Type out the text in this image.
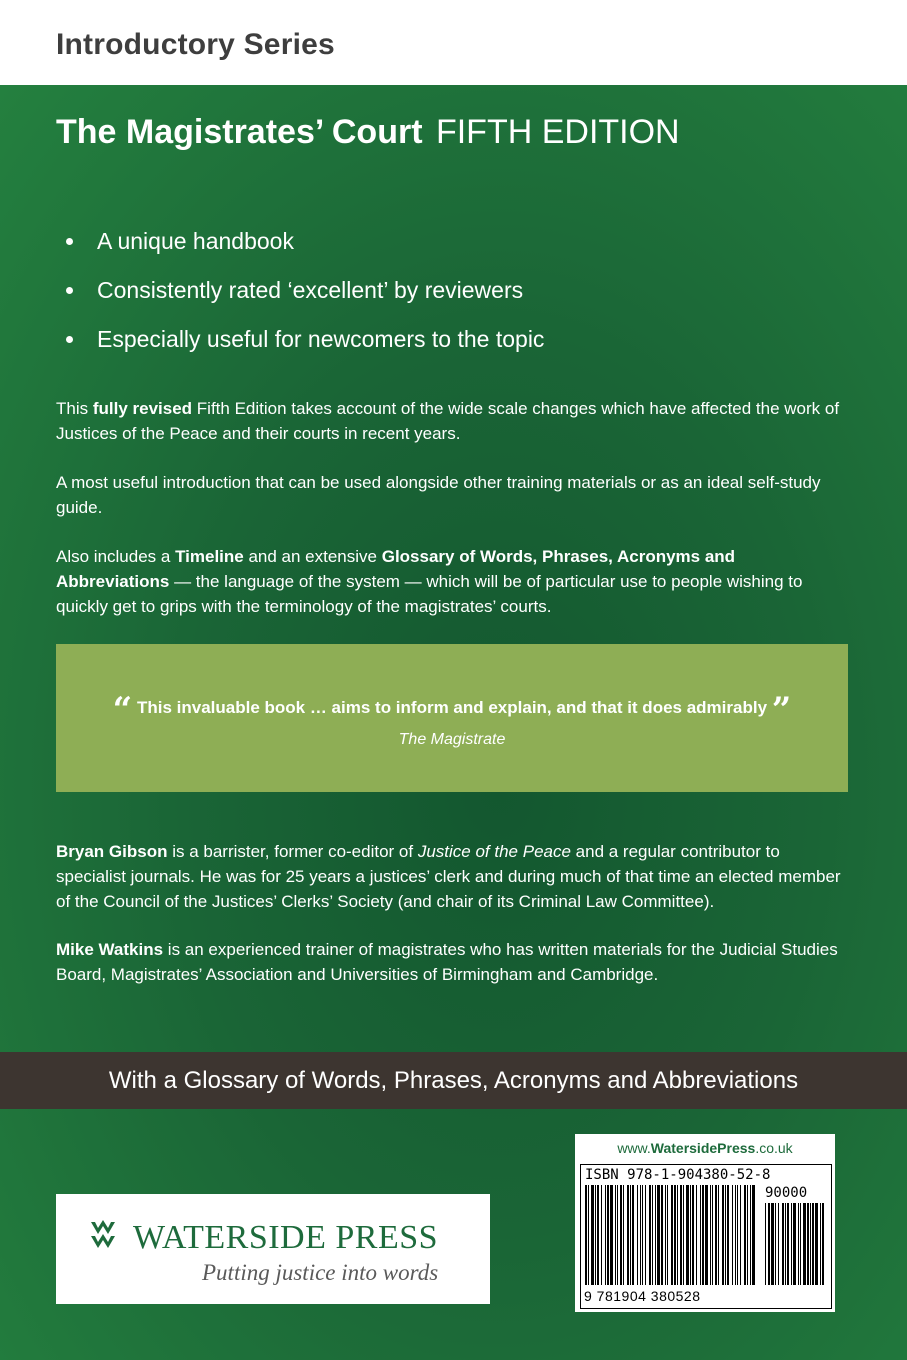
Introductory Series
The Magistrates’ Court FIFTH EDITION
A unique handbook
Consistently rated ‘excellent’ by reviewers
Especially useful for newcomers to the topic

This fully revised Fifth Edition takes account of the wide scale changes which have affected the work of Justices of the Peace and their courts in recent years.

A most useful introduction that can be used alongside other training materials or as an ideal self-study guide.

Also includes a Timeline and an extensive Glossary of Words, Phrases, Acronyms and Abbreviations — the language of the system — which will be of particular use to people wishing to quickly get to grips with the terminology of the magistrates’ courts.

“ This invaluable book … aims to inform and explain, and that it does admirably ”
The Magistrate

Bryan Gibson is a barrister, former co-editor of Justice of the Peace and a regular contributor to specialist journals. He was for 25 years a justices’ clerk and during much of that time an elected member of the Council of the Justices’ Clerks’ Society (and chair of its Criminal Law Committee).

Mike Watkins is an experienced trainer of magistrates who has written materials for the Judicial Studies Board, Magistrates’ Association and Universities of Birmingham and Cambridge.

With a Glossary of Words, Phrases, Acronyms and Abbreviations
WATERSIDE PRESS
Putting justice into words
www.WatersidePress.co.uk
ISBN 978-1-904380-52-8
90000
9 781904 380528
